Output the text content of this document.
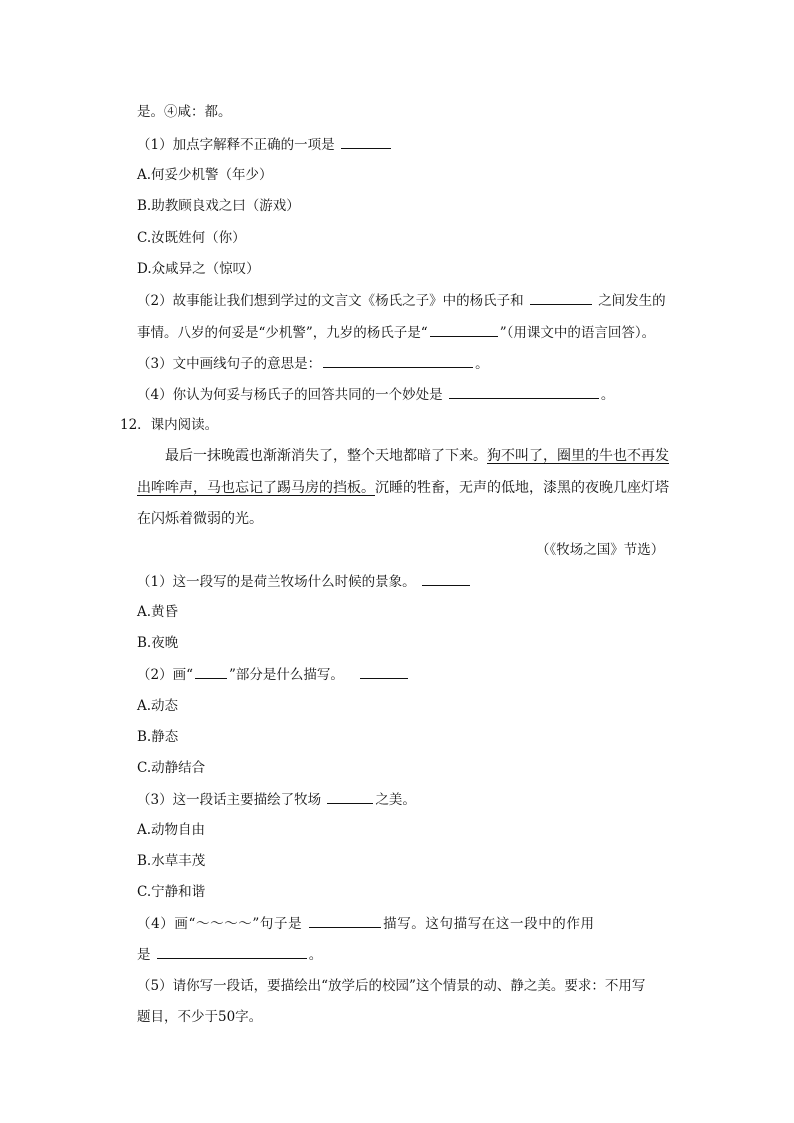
是。④咸：都。
（1）加点字解释不正确的一项是
A.何妥少机警（年少）
B.助教顾良戏之曰（游戏）
C.汝既姓何（你）
D.众咸异之（惊叹）
（2）故事能让我们想到学过的文言文《杨氏之子》中的杨氏子和	之间发生的
事情。八岁的何妥是“少机警”，九岁的杨氏子是“	”（用课文中的语言回答）。
（3）文中画线句子的意思是：	。
（4）你认为何妥与杨氏子的回答共同的一个妙处是	。
12．课内阅读。
最后一抹晚霞也渐渐消失了，整个天地都暗了下来。狗不叫了，圈里的牛也不再发
出哞哞声，马也忘记了踢马房的挡板。沉睡的牲畜，无声的低地，漆黑的夜晚几座灯塔
在闪烁着微弱的光。
（《牧场之国》节选）
（1）这一段写的是荷兰牧场什么时候的景象。
A.黄昏
B.夜晚
（2）画“	”部分是什么描写。
A.动态
B.静态
C.动静结合
（3）这一段话主要描绘了牧场	之美。
A.动物自由
B.水草丰茂
C.宁静和谐
（4）画“～～～～”句子是	描写。这句描写在这一段中的作用
是	。
（5）请你写一段话，要描绘出“放学后的校园”这个情景的动、静之美。要求：不用写
题目，不少于50字。
